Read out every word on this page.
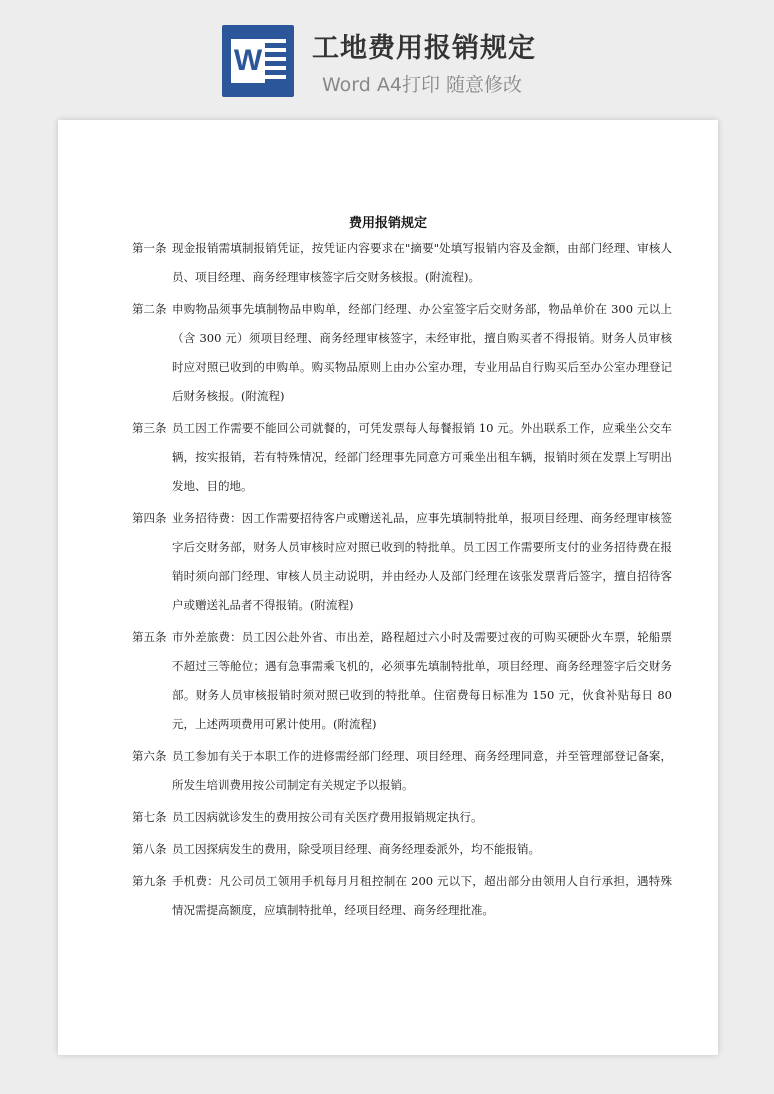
W 工地费用报销规定
Word A4打印 随意修改
费用报销规定
第一条 现金报销需填制报销凭证，按凭证内容要求在"摘要"处填写报销内容及金额，由部门经理、审核人员、项目经理、商务经理审核签字后交财务核报。(附流程)。
第二条 申购物品须事先填制物品申购单，经部门经理、办公室签字后交财务部，物品单价在 300 元以上（含 300 元）须项目经理、商务经理审核签字，未经审批，擅自购买者不得报销。财务人员审核时应对照已收到的申购单。购买物品原则上由办公室办理，专业用品自行购买后至办公室办理登记后财务核报。(附流程)
第三条 员工因工作需要不能回公司就餐的，可凭发票每人每餐报销 10 元。外出联系工作，应乘坐公交车辆，按实报销，若有特殊情况，经部门经理事先同意方可乘坐出租车辆，报销时须在发票上写明出发地、目的地。
第四条 业务招待费：因工作需要招待客户或赠送礼品，应事先填制特批单，报项目经理、商务经理审核签字后交财务部，财务人员审核时应对照已收到的特批单。员工因工作需要所支付的业务招待费在报销时须向部门经理、审核人员主动说明，并由经办人及部门经理在该张发票背后签字，擅自招待客户或赠送礼品者不得报销。(附流程)
第五条 市外差旅费：员工因公赴外省、市出差，路程超过六小时及需要过夜的可购买硬卧火车票，轮船票不超过三等舱位；遇有急事需乘飞机的，必须事先填制特批单，项目经理、商务经理签字后交财务部。财务人员审核报销时须对照已收到的特批单。住宿费每日标准为 150 元，伙食补贴每日 80 元，上述两项费用可累计使用。(附流程)
第六条 员工参加有关于本职工作的进修需经部门经理、项目经理、商务经理同意，并至管理部登记备案，所发生培训费用按公司制定有关规定予以报销。
第七条 员工因病就诊发生的费用按公司有关医疗费用报销规定执行。
第八条 员工因探病发生的费用，除受项目经理、商务经理委派外，均不能报销。
第九条 手机费：凡公司员工领用手机每月月租控制在 200 元以下，超出部分由领用人自行承担，遇特殊情况需提高额度，应填制特批单，经项目经理、商务经理批准。
